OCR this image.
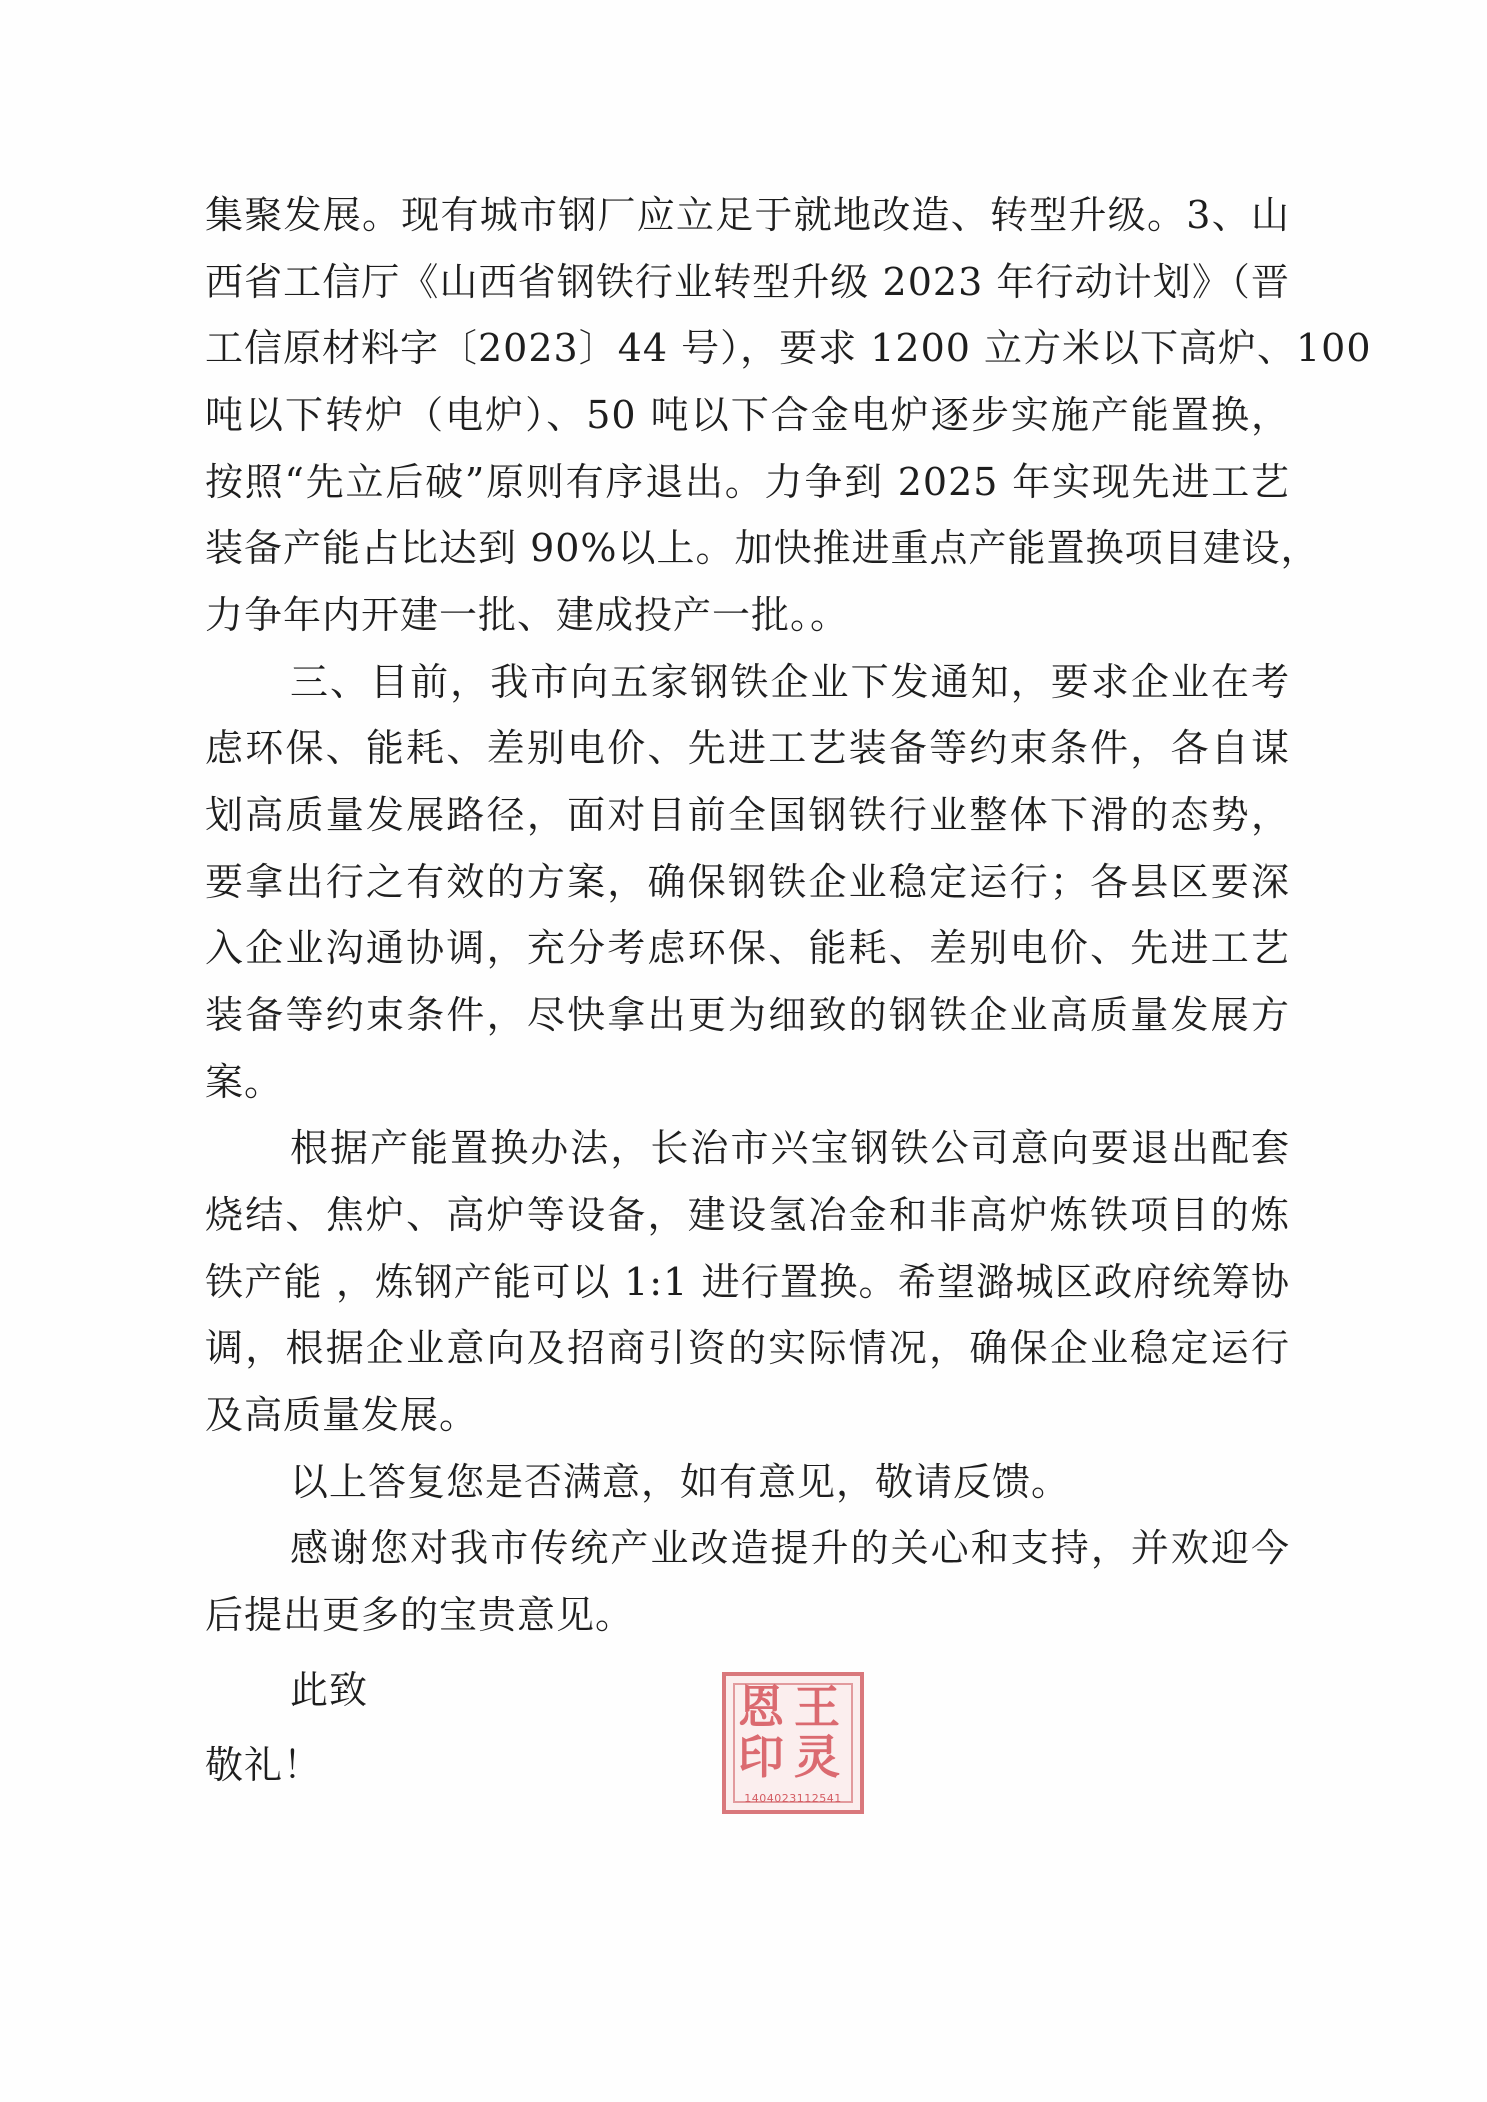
集聚发展。现有城市钢厂应立足于就地改造、转型升级。3、山
西省工信厅《山西省钢铁行业转型升级 2023 年行动计划》（晋
工信原材料字〔2023〕44 号），要求 1200 立方米以下高炉、100
吨以下转炉（电炉）、50 吨以下合金电炉逐步实施产能置换，
按照“先立后破”原则有序退出。力争到 2025 年实现先进工艺
装备产能占比达到 90%以上。加快推进重点产能置换项目建设，
力争年内开建一批、建成投产一批。。
三、目前，我市向五家钢铁企业下发通知，要求企业在考
虑环保、能耗、差别电价、先进工艺装备等约束条件，各自谋
划高质量发展路径，面对目前全国钢铁行业整体下滑的态势，
要拿出行之有效的方案，确保钢铁企业稳定运行；各县区要深
入企业沟通协调，充分考虑环保、能耗、差别电价、先进工艺
装备等约束条件，尽快拿出更为细致的钢铁企业高质量发展方
案。
根据产能置换办法，长治市兴宝钢铁公司意向要退出配套
烧结、焦炉、高炉等设备，建设氢冶金和非高炉炼铁项目的炼
铁产能 ，炼钢产能可以 1:1 进行置换。希望潞城区政府统筹协
调，根据企业意向及招商引资的实际情况，确保企业稳定运行
及高质量发展。
以上答复您是否满意，如有意见，敬请反馈。
感谢您对我市传统产业改造提升的关心和支持，并欢迎今
后提出更多的宝贵意见。
此致
敬礼！
恩 王
印 灵
1404023112541
